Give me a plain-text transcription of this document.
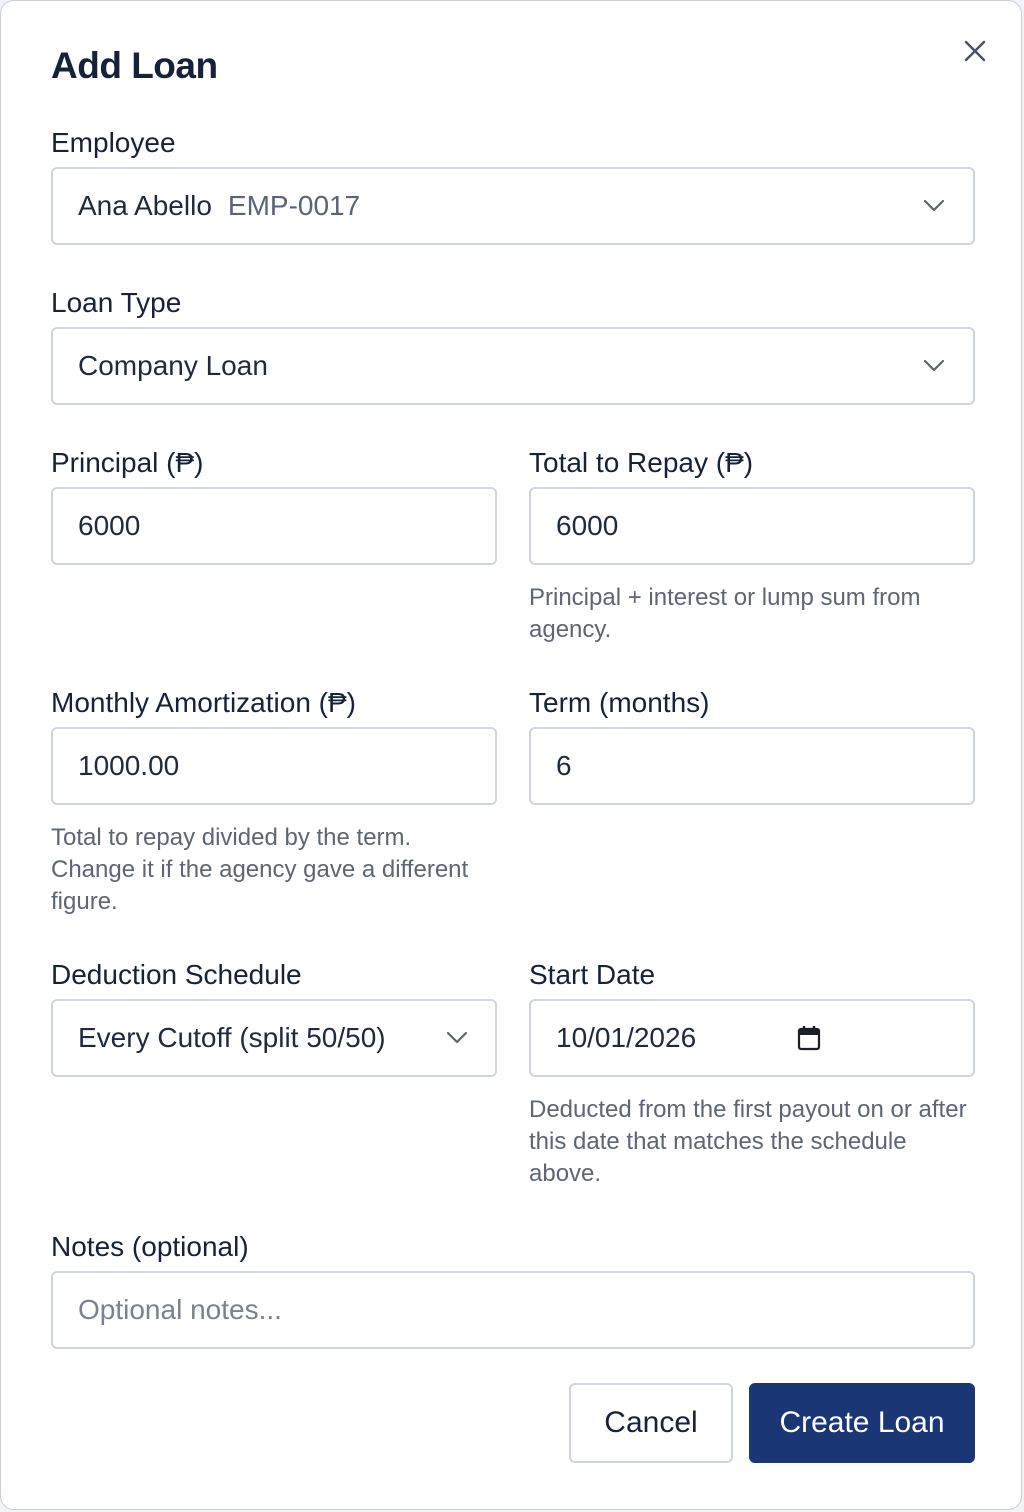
Add Loan
Employee
Ana Abello EMP-0017
Loan Type
Company Loan
Principal (₱)
6000
Total to Repay (₱)
6000
Principal + interest or lump sum from agency.
Monthly Amortization (₱)
1000.00
Total to repay divided by the term. Change it if the agency gave a different figure.
Term (months)
6
Deduction Schedule
Every Cutoff (split 50/50)
Start Date
10/01/2026
Deducted from the first payout on or after this date that matches the schedule above.
Notes (optional)
Optional notes...
Cancel	Create Loan
